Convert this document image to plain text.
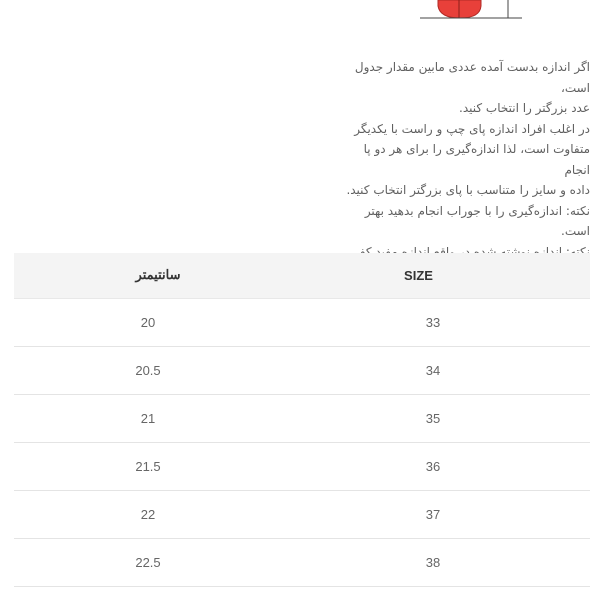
اگر اندازه بدست آمده عددی مابین مقدار جدول است،

عدد بزرگتر را انتخاب کنید.

در اغلب افراد اندازه پای چپ و راست با یکدیگر

متفاوت است، لذا اندازه‌گیری را برای هر دو پا انجام

داده و سایز را متناسب با پای بزرگتر انتخاب کنید.

نکته: اندازه‌گیری را با جوراب انجام بدهید بهتر است.

نکته: اندازه نوشته شده در واقع اندازه مفید کفی

داخلی است.

سانتیمتر	SIZE
20	33
20.5	34
21	35
21.5	36
22	37
22.5	38
